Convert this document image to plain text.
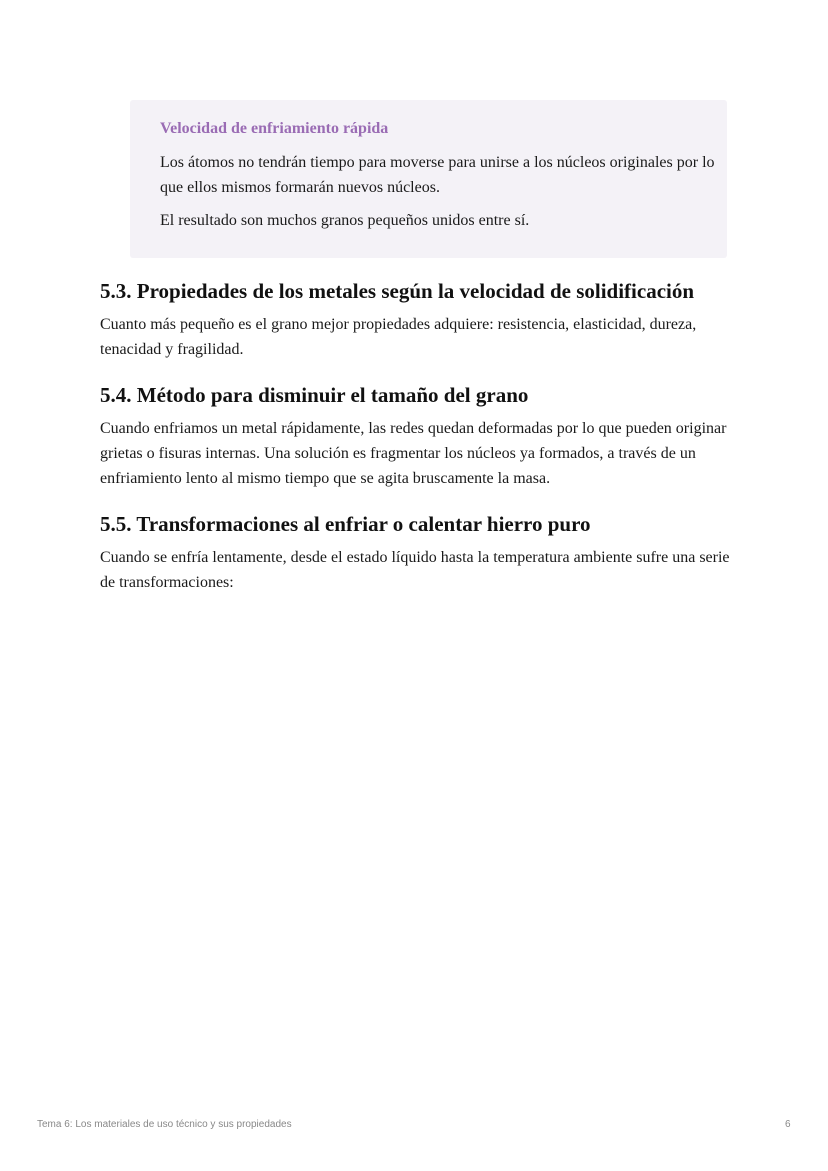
Velocidad de enfriamiento rápida

Los átomos no tendrán tiempo para moverse para unirse a los núcleos originales por lo que ellos mismos formarán nuevos núcleos.

El resultado son muchos granos pequeños unidos entre sí.

5.3. Propiedades de los metales según la velocidad de solidificación

Cuanto más pequeño es el grano mejor propiedades adquiere: resistencia, elasticidad, dureza, tenacidad y fragilidad.

5.4. Método para disminuir el tamaño del grano

Cuando enfriamos un metal rápidamente, las redes quedan deformadas por lo que pueden originar grietas o fisuras internas. Una solución es fragmentar los núcleos ya formados, a través de un enfriamiento lento al mismo tiempo que se agita bruscamente la masa.

5.5. Transformaciones al enfriar o calentar hierro puro

Cuando se enfría lentamente, desde el estado líquido hasta la temperatura ambiente sufre una serie de transformaciones:

Tema 6: Los materiales de uso técnico y sus propiedades	6
